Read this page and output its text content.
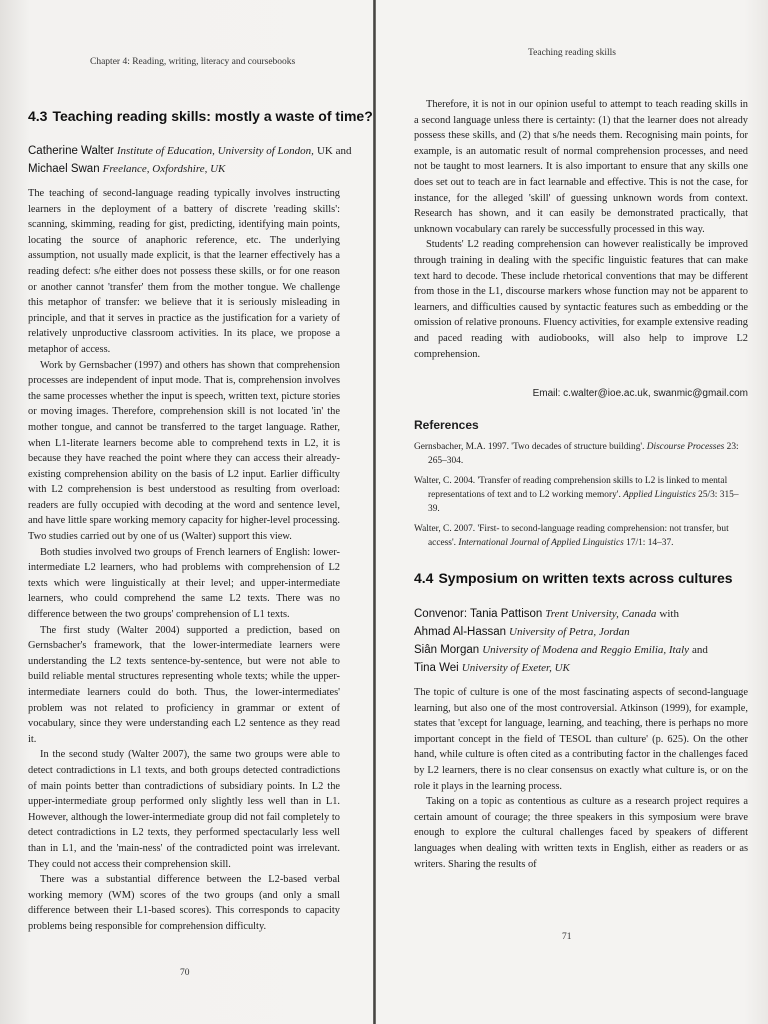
Chapter 4: Reading, writing, literacy and coursebooks
4.3 Teaching reading skills: mostly a waste of time?
Catherine Walter Institute of Education, University of London, UK and
Michael Swan Freelance, Oxfordshire, UK

The teaching of second-language reading typically involves instructing learners in the deployment of a battery of discrete 'reading skills': scanning, skimming, reading for gist, predicting, identifying main points, locating the source of anaphoric reference, etc. The underlying assumption, not usually made explicit, is that the learner effectively has a reading defect: s/he either does not possess these skills, or for one reason or another cannot 'transfer' them from the mother tongue. We challenge this metaphor of transfer: we believe that it is seriously misleading in principle, and that it serves in practice as the justification for a variety of relatively unproductive classroom activities. In its place, we propose a metaphor of access.

Work by Gernsbacher (1997) and others has shown that comprehension processes are independent of input mode. That is, comprehension involves the same processes whether the input is speech, written text, picture stories or moving images. Therefore, comprehension skill is not located 'in' the mother tongue, and cannot be transferred to the target language. Rather, when L1-literate learners become able to comprehend texts in L2, it is because they have reached the point where they can access their already-existing comprehension ability on the basis of L2 input. Earlier difficulty with L2 comprehension is best understood as resulting from overload: readers are fully occupied with decoding at the word and sentence level, and have little spare working memory capacity for higher-level processing. Two studies carried out by one of us (Walter) support this view.

Both studies involved two groups of French learners of English: lower-intermediate L2 learners, who had problems with comprehension of L2 texts which were linguistically at their level; and upper-intermediate learners, who could comprehend the same L2 texts. There was no difference between the two groups' comprehension of L1 texts.

The first study (Walter 2004) supported a prediction, based on Gernsbacher's framework, that the lower-intermediate learners were understanding the L2 texts sentence-by-sentence, but were not able to build reliable mental structures representing whole texts; while the upper-intermediate learners could do both. Thus, the lower-intermediates' problem was not related to proficiency in grammar or extent of vocabulary, since they were understanding each L2 sentence as they read it.

In the second study (Walter 2007), the same two groups were able to detect contradictions in L1 texts, and both groups detected contradictions of main points better than contradictions of subsidiary points. In L2 the upper-intermediate group performed only slightly less well than in L1. However, although the lower-intermediate group did not fail completely to detect contradictions in L2 texts, they performed spectacularly less well than in L1, and the 'main-ness' of the contradicted point was irrelevant. They could not access their comprehension skill.

There was a substantial difference between the L2-based verbal working memory (WM) scores of the two groups (and only a small difference between their L1-based scores). This corresponds to capacity problems being responsible for comprehension difficulty.

70
Teaching reading skills

Therefore, it is not in our opinion useful to attempt to teach reading skills in a second language unless there is certainty: (1) that the learner does not already possess these skills, and (2) that s/he needs them. Recognising main points, for example, is an automatic result of normal comprehension processes, and need not be taught to most learners. It is also important to ensure that any skills one does set out to teach are in fact learnable and effective. This is not the case, for instance, for the alleged 'skill' of guessing unknown words from context. Research has shown, and it can easily be demonstrated practically, that unknown vocabulary can rarely be successfully processed in this way.

Students' L2 reading comprehension can however realistically be improved through training in dealing with the specific linguistic features that can make text hard to decode. These include rhetorical conventions that may be different from those in the L1, discourse markers whose function may not be apparent to learners, and difficulties caused by syntactic features such as embedding or the omission of relative pronouns. Fluency activities, for example extensive reading and paced reading with audiobooks, will also help to improve L2 comprehension.

Email: c.walter@ioe.ac.uk, swanmic@gmail.com
References
Gernsbacher, M.A. 1997. 'Two decades of structure building'. Discourse Processes 23: 265–304.
Walter, C. 2004. 'Transfer of reading comprehension skills to L2 is linked to mental representations of text and to L2 working memory'. Applied Linguistics 25/3: 315–39.
Walter, C. 2007. 'First- to second-language reading comprehension: not transfer, but access'. International Journal of Applied Linguistics 17/1: 14–37.
4.4 Symposium on written texts across cultures
Convenor: Tania Pattison Trent University, Canada with
Ahmad Al-Hassan University of Petra, Jordan
Siân Morgan University of Modena and Reggio Emilia, Italy and
Tina Wei University of Exeter, UK

The topic of culture is one of the most fascinating aspects of second-language learning, but also one of the most controversial. Atkinson (1999), for example, states that 'except for language, learning, and teaching, there is perhaps no more important concept in the field of TESOL than culture' (p. 625). On the other hand, while culture is often cited as a contributing factor in the challenges faced by L2 learners, there is no clear consensus on exactly what culture is, or on the role it plays in the learning process.

Taking on a topic as contentious as culture as a research project requires a certain amount of courage; the three speakers in this symposium were brave enough to explore the cultural challenges faced by speakers of different languages when dealing with written texts in English, either as readers or as writers. Sharing the results of

71
